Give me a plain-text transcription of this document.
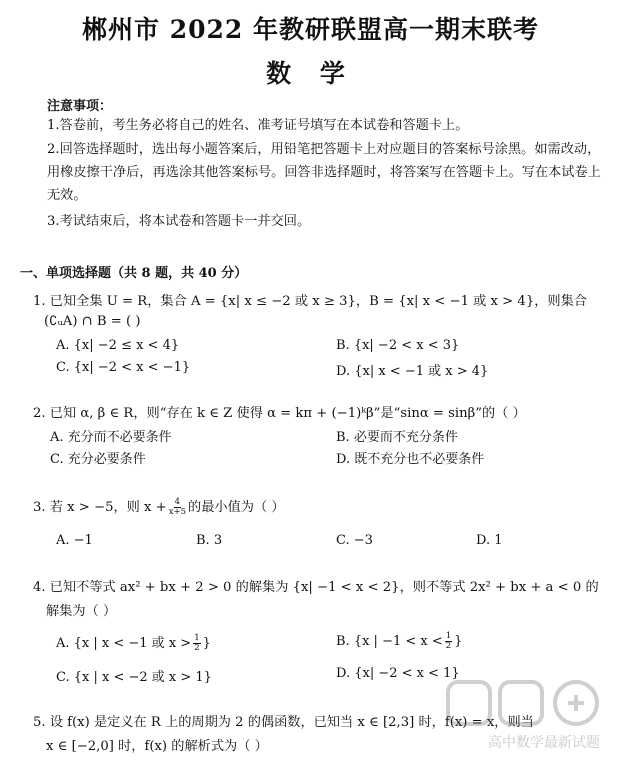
郴州市 2022 年教研联盟高一期末联考
数 学
注意事项：
1.答卷前，考生务必将自己的姓名、准考证号填写在本试卷和答题卡上。
2.回答选择题时，选出每小题答案后，用铅笔把答题卡上对应题目的答案标号涂黑。如需改动，用橡皮擦干净后，再选涂其他答案标号。回答非选择题时，将答案写在答题卡上。写在本试卷上无效。
3.考试结束后，将本试卷和答题卡一并交回。
一、单项选择题（共 8 题，共 40 分）
1. 已知全集 U = R，集合 A = {x| x ≤ −2 或 x ≥ 3}，B = {x| x < −1 或 x > 4}，则集合
(∁ᵤA) ∩ B = ( )
A. {x| −2 ≤ x < 4}	B. {x| −2 < x < 3}
C. {x| −2 < x < −1}	D. {x| x < −1 或 x > 4}
2. 已知 α, β ∈ R，则“存在 k ∈ Z 使得 α = kπ + (−1)ᵏβ”是“sinα = sinβ”的（ ）
A. 充分而不必要条件	B. 必要而不充分条件
C. 充分必要条件	D. 既不充分也不必要条件
3. 若 x > −5，则 $x + \frac{4}{x+5}$ 的最小值为（ ）
A. −1	B. 3	C. −3	D. 1
4. 已知不等式 ax² + bx + 2 > 0 的解集为 {x| −1 < x < 2}，则不等式 2x² + bx + a < 0 的
解集为（ ）
A. {x | x < −1 或 $x > \frac{1}{2}$ }	B. {x | $-1 < x < \frac{1}{2}$ }
C. {x | x < −2 或 x > 1}	D. {x| −2 < x < 1}
5. 设 f(x) 是定义在 R 上的周期为 2 的偶函数，已知当 x ∈ [2,3] 时，f(x) = x，则当
x ∈ [−2,0] 时，f(x) 的解析式为（ ）	高中数学最新试题
